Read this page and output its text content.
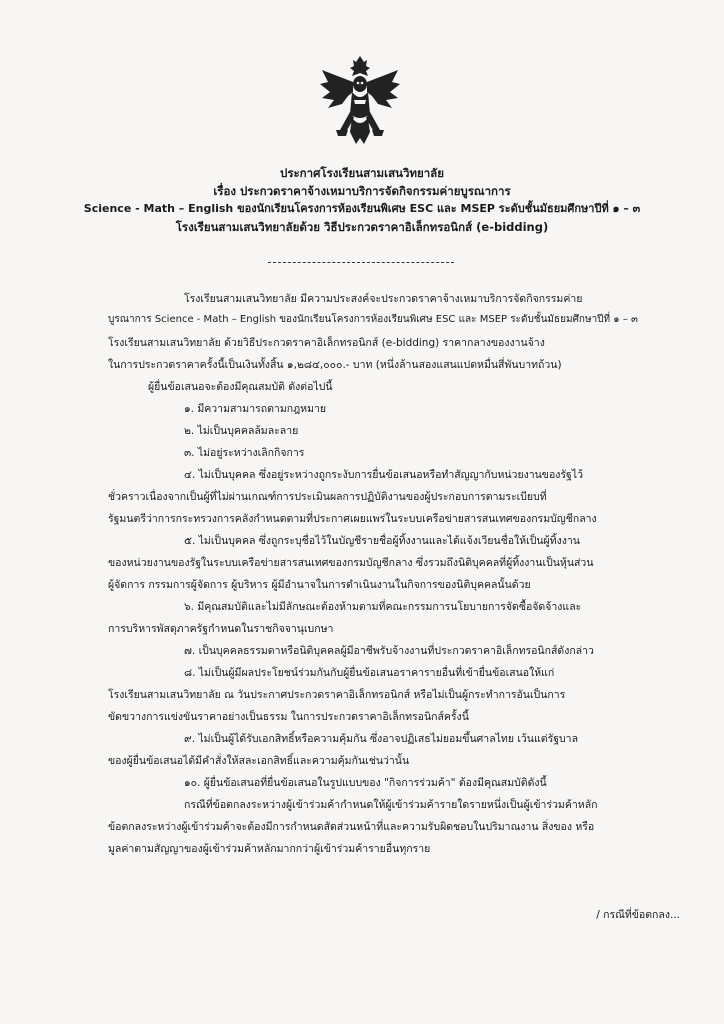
ประกาศโรงเรียนสามเสนวิทยาลัย
เรื่อง ประกวดราคาจ้างเหมาบริการจัดกิจกรรมค่ายบูรณาการ
Science - Math – English ของนักเรียนโครงการห้องเรียนพิเศษ ESC และ MSEP ระดับชั้นมัธยมศึกษาปีที่ ๑ – ๓
โรงเรียนสามเสนวิทยาลัยด้วย วิธีประกวดราคาอิเล็กทรอนิกส์ (e-bidding)
โรงเรียนสามเสนวิทยาลัย มีความประสงค์จะประกวดราคาจ้างเหมาบริการจัดกิจกรรมค่าย
บูรณาการ Science - Math – English ของนักเรียนโครงการห้องเรียนพิเศษ ESC และ MSEP ระดับชั้นมัธยมศึกษาปีที่ ๑ – ๓
โรงเรียนสามเสนวิทยาลัย ด้วยวิธีประกวดราคาอิเล็กทรอนิกส์ (e-bidding) ราคากลางของงานจ้าง
ในการประกวดราคาครั้งนี้เป็นเงินทั้งสิ้น ๑,๒๘๔,๐๐๐.- บาท (หนึ่งล้านสองแสนแปดหมื่นสี่พันบาทถ้วน)
ผู้ยื่นข้อเสนอจะต้องมีคุณสมบัติ ดังต่อไปนี้
๑. มีความสามารถตามกฎหมาย
๒. ไม่เป็นบุคคลล้มละลาย
๓. ไม่อยู่ระหว่างเลิกกิจการ
๔. ไม่เป็นบุคคล ซึ่งอยู่ระหว่างถูกระงับการยื่นข้อเสนอหรือทำสัญญากับหน่วยงานของรัฐไว้
ชั่วคราวเนื่องจากเป็นผู้ที่ไม่ผ่านเกณฑ์การประเมินผลการปฏิบัติงานของผู้ประกอบการตามระเบียบที่
รัฐมนตรีว่าการกระทรวงการคลังกำหนดตามที่ประกาศเผยแพร่ในระบบเครือข่ายสารสนเทศของกรมบัญชีกลาง
๕. ไม่เป็นบุคคล ซึ่งถูกระบุชื่อไว้ในบัญชีรายชื่อผู้ทิ้งงานและได้แจ้งเวียนชื่อให้เป็นผู้ทิ้งงาน
ของหน่วยงานของรัฐในระบบเครือข่ายสารสนเทศของกรมบัญชีกลาง ซึ่งรวมถึงนิติบุคคลที่ผู้ทิ้งงานเป็นหุ้นส่วน
ผู้จัดการ กรรมการผู้จัดการ ผู้บริหาร ผู้มีอำนาจในการดำเนินงานในกิจการของนิติบุคคลนั้นด้วย
๖. มีคุณสมบัติและไม่มีลักษณะต้องห้ามตามที่คณะกรรมการนโยบายการจัดซื้อจัดจ้างและ
การบริหารพัสดุภาครัฐกำหนดในราชกิจจานุเบกษา
๗. เป็นบุคคลธรรมดาหรือนิติบุคคลผู้มีอาชีพรับจ้างงานที่ประกวดราคาอิเล็กทรอนิกส์ดังกล่าว
๘. ไม่เป็นผู้มีผลประโยชน์ร่วมกันกับผู้ยื่นข้อเสนอราคารายอื่นที่เข้ายื่นข้อเสนอให้แก่
โรงเรียนสามเสนวิทยาลัย ณ วันประกาศประกวดราคาอิเล็กทรอนิกส์ หรือไม่เป็นผู้กระทำการอันเป็นการ
ขัดขวางการแข่งขันราคาอย่างเป็นธรรม ในการประกวดราคาอิเล็กทรอนิกส์ครั้งนี้
๙. ไม่เป็นผู้ได้รับเอกสิทธิ์หรือความคุ้มกัน ซึ่งอาจปฏิเสธไม่ยอมขึ้นศาลไทย เว้นแต่รัฐบาล
ของผู้ยื่นข้อเสนอได้มีคำสั่งให้สละเอกสิทธิ์และความคุ้มกันเช่นว่านั้น
๑๐. ผู้ยื่นข้อเสนอที่ยื่นข้อเสนอในรูปแบบของ "กิจการร่วมค้า" ต้องมีคุณสมบัติดังนี้
กรณีที่ข้อตกลงระหว่างผู้เข้าร่วมค้ากำหนดให้ผู้เข้าร่วมค้ารายใดรายหนึ่งเป็นผู้เข้าร่วมค้าหลัก
ข้อตกลงระหว่างผู้เข้าร่วมค้าจะต้องมีการกำหนดสัดส่วนหน้าที่และความรับผิดชอบในปริมาณงาน สิ่งของ หรือ
มูลค่าตามสัญญาของผู้เข้าร่วมค้าหลักมากกว่าผู้เข้าร่วมค้ารายอื่นทุกราย
/ กรณีที่ข้อตกลง...
